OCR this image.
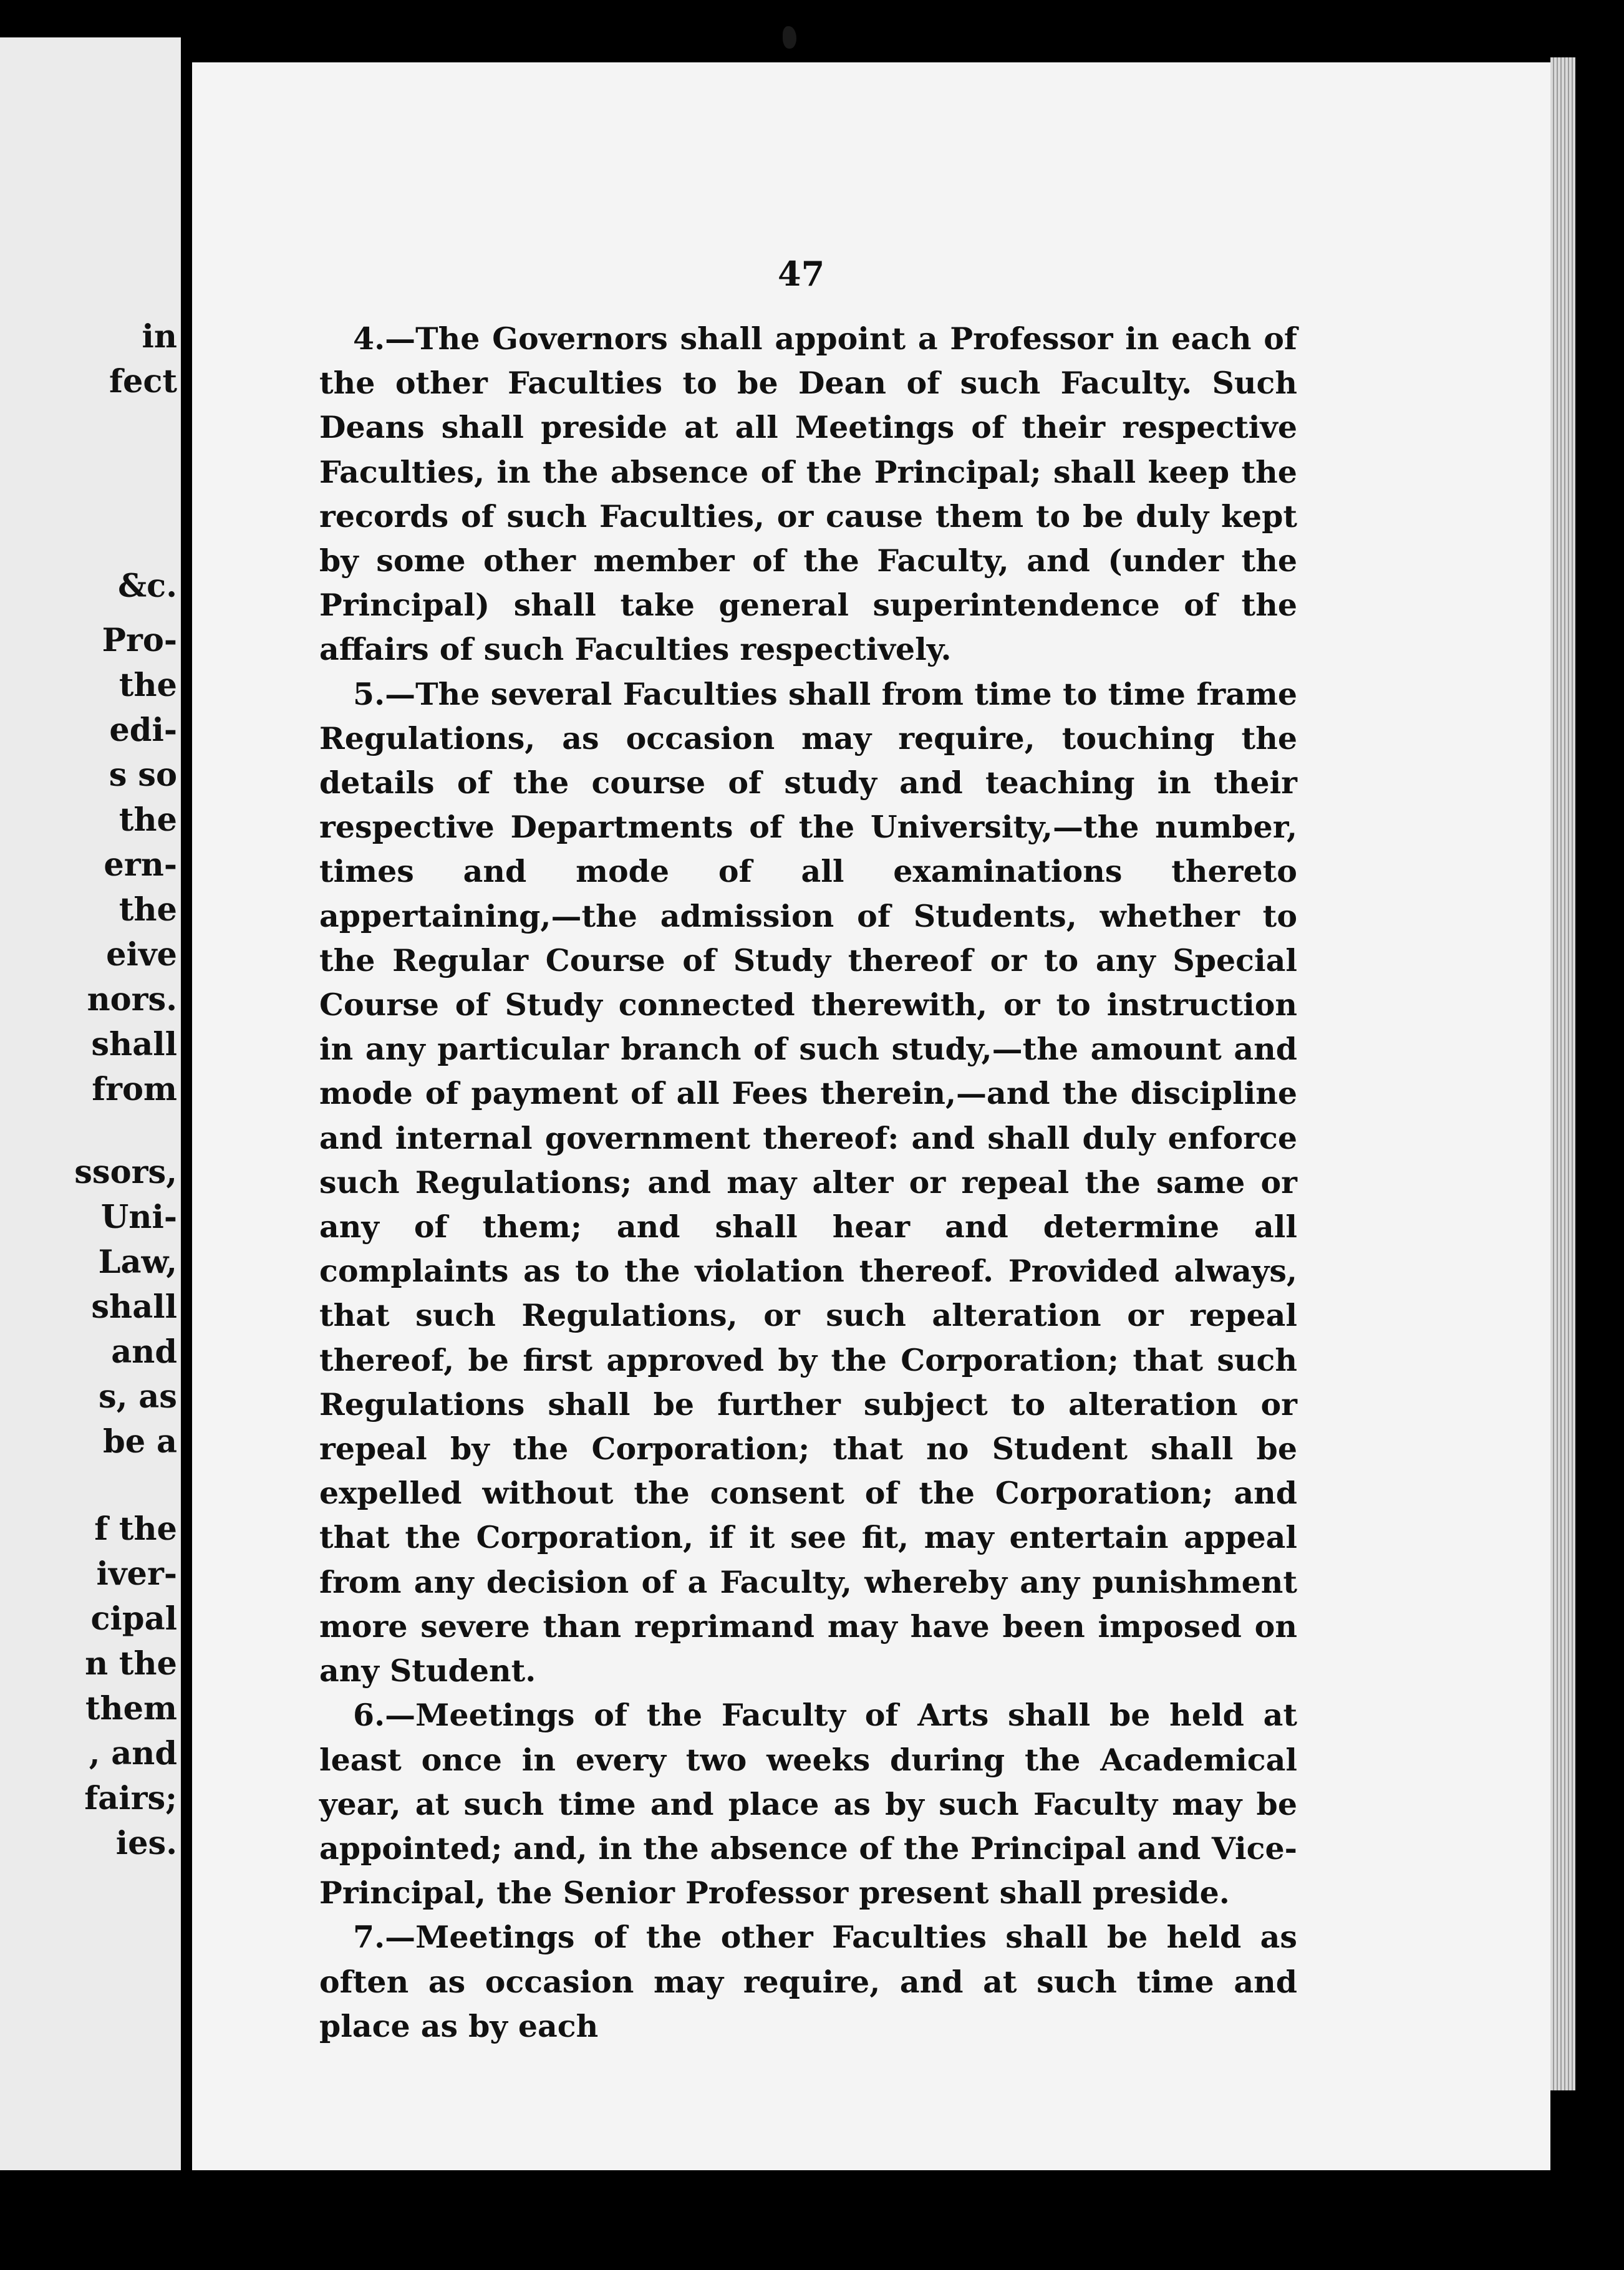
in
fect
&c.
Pro-
the
edi-
s so
the
ern-
the
eive
nors.
shall
from
ssors,
Uni-
Law,
shall
and
s, as
be a
f the
iver-
cipal
n the
them
, and
fairs;
ies.
47

4.—The Governors shall appoint a Professor in each of the other Faculties to be Dean of such Faculty. Such Deans shall preside at all Meetings of their respective Faculties, in the absence of the Principal; shall keep the records of such Faculties, or cause them to be duly kept by some other member of the Faculty, and (under the Principal) shall take general superintendence of the affairs of such Faculties respectively.

5.—The several Faculties shall from time to time frame Regulations, as occasion may require, touching the details of the course of study and teaching in their respective Departments of the University,—the number, times and mode of all examinations thereto appertaining,—the admission of Students, whether to the Regular Course of Study thereof or to any Special Course of Study connected therewith, or to instruction in any particular branch of such study,—the amount and mode of payment of all Fees therein,—and the discipline and internal government thereof: and shall duly enforce such Regulations; and may alter or repeal the same or any of them; and shall hear and determine all complaints as to the violation thereof. Provided always, that such Regulations, or such alteration or repeal thereof, be first approved by the Corporation; that such Regulations shall be further subject to alteration or repeal by the Corporation; that no Student shall be expelled without the consent of the Corporation; and that the Corporation, if it see fit, may entertain appeal from any decision of a Faculty, whereby any punishment more severe than reprimand may have been imposed on any Student.

6.—Meetings of the Faculty of Arts shall be held at least once in every two weeks during the Academical year, at such time and place as by such Faculty may be appointed; and, in the absence of the Principal and Vice-Principal, the Senior Professor present shall preside.

7.—Meetings of the other Faculties shall be held as often as occasion may require, and at such time and place as by each
